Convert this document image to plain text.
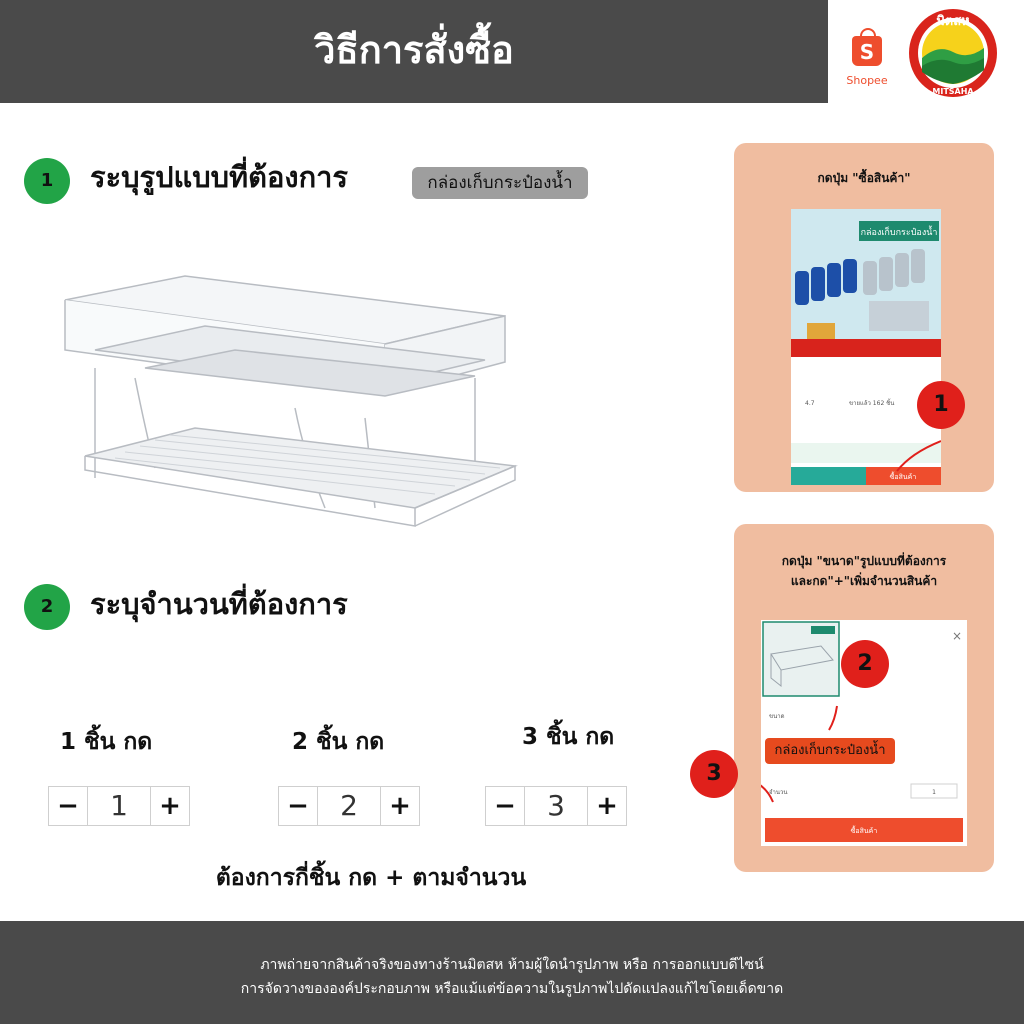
วิธีการสั่งซื้อ	S
Shopee
มิตสห
MITSAHA
1	ระบุรูปแบบที่ต้องการ	กล่องเก็บกระป๋องน้ำ
2	ระบุจำนวนที่ต้องการ
1 ชิ้น กด
−	1	+
2 ชิ้น กด
−	2	+
3 ชิ้น กด
−	3	+
ต้องการกี่ชิ้น กด + ตามจำนวน
กดปุ่ม "ซื้อสินค้า"
กล่องเก็บกระป๋องน้ำ
4.7	ขายแล้ว 162 ชิ้น
ซื้อสินค้า
1
กดปุ่ม "ขนาด"รูปแบบที่ต้องการ
และกด"+"เพิ่มจำนวนสินค้า
×
ขนาด
จำนวน	1
ซื้อสินค้า
กล่องเก็บกระป๋องน้ำ
2
3
ภาพถ่ายจากสินค้าจริงของทางร้านมิตสห ห้ามผู้ใดนำรูปภาพ หรือ การออกแบบดีไซน์
การจัดวางขององค์ประกอบภาพ หรือแม้แต่ข้อความในรูปภาพไปดัดแปลงแก้ไขโดยเด็ดขาด
